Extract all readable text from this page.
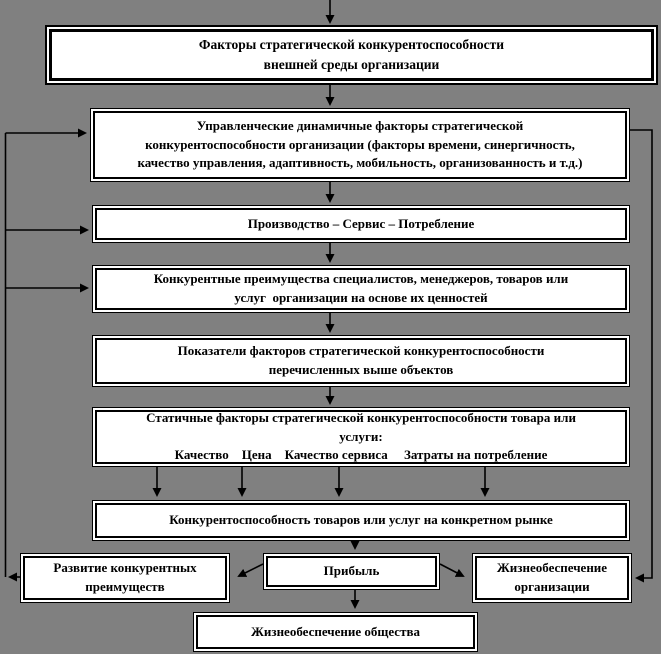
Факторы стратегической конкурентоспособности
внешней среды организации
Управленческие динамичные факторы стратегической
конкурентоспособности организации (факторы времени, синергичность,
качество управления, адаптивность, мобильность, организованность и т.д.)
Производство – Сервис – Потребление
Конкурентные преимущества специалистов, менеджеров, товаров или
услуг  организации на основе их ценностей
Показатели факторов стратегической конкурентоспособности
перечисленных выше объектов
Статичные факторы стратегической конкурентоспособности товара или
услуги:
Качество    Цена    Качество сервиса     Затраты на потребление
Конкурентоспособность товаров или услуг на конкретном рынке
Прибыль
Развитие конкурентных
преимуществ
Жизнеобеспечение
организации
Жизнеобеспечение общества
